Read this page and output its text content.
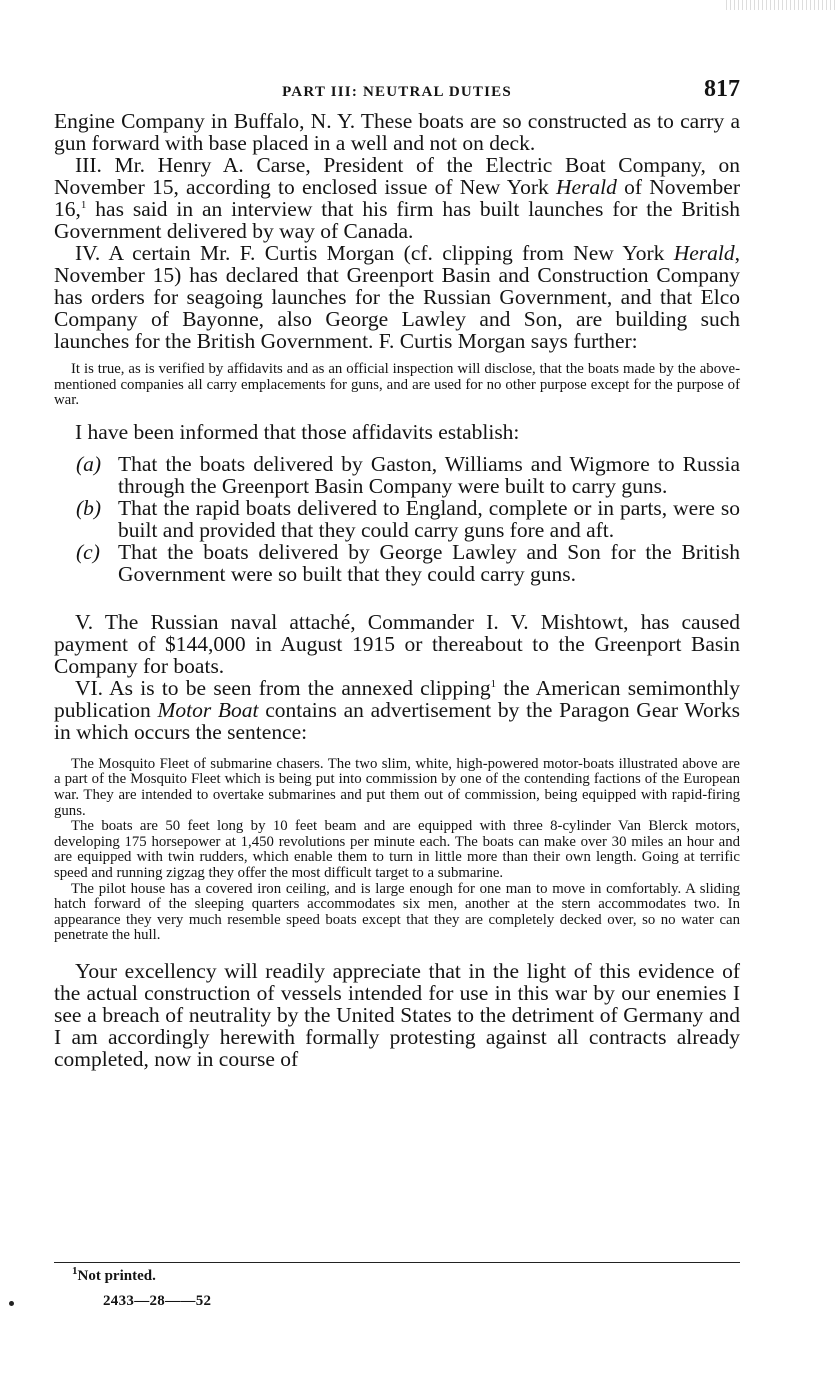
PART III: NEUTRAL DUTIES	817

Engine Company in Buffalo, N. Y. These boats are so constructed as to carry a gun forward with base placed in a well and not on deck.

III. Mr. Henry A. Carse, President of the Electric Boat Company, on November 15, according to enclosed issue of New York Herald of November 16,$^1$ has said in an interview that his firm has built launches for the British Government delivered by way of Canada.

IV. A certain Mr. F. Curtis Morgan (cf. clipping from New York Herald, November 15) has declared that Greenport Basin and Construction Company has orders for seagoing launches for the Russian Government, and that Elco Company of Bayonne, also George Lawley and Son, are building such launches for the British Government. F. Curtis Morgan says further:

It is true, as is verified by affidavits and as an official inspection will disclose, that the boats made by the above-mentioned companies all carry emplacements for guns, and are used for no other purpose except for the purpose of war.

I have been informed that those affidavits establish:

(a) That the boats delivered by Gaston, Williams and Wigmore to Russia through the Greenport Basin Company were built to carry guns.
(b) That the rapid boats delivered to England, complete or in parts, were so built and provided that they could carry guns fore and aft.
(c) That the boats delivered by George Lawley and Son for the British Government were so built that they could carry guns.

V. The Russian naval attaché, Commander I. V. Mishtowt, has caused payment of $144,000 in August 1915 or thereabout to the Greenport Basin Company for boats.

VI. As is to be seen from the annexed clipping$^1$ the American semimonthly publication Motor Boat contains an advertisement by the Paragon Gear Works in which occurs the sentence:

The Mosquito Fleet of submarine chasers. The two slim, white, high-powered motor-boats illustrated above are a part of the Mosquito Fleet which is being put into commission by one of the contending factions of the European war. They are intended to overtake submarines and put them out of commission, being equipped with rapid-firing guns.
The boats are 50 feet long by 10 feet beam and are equipped with three 8-cylinder Van Blerck motors, developing 175 horsepower at 1,450 revolutions per minute each. The boats can make over 30 miles an hour and are equipped with twin rudders, which enable them to turn in little more than their own length. Going at terrific speed and running zigzag they offer the most difficult target to a submarine.
The pilot house has a covered iron ceiling, and is large enough for one man to move in comfortably. A sliding hatch forward of the sleeping quarters accommodates six men, another at the stern accommodates two. In appearance they very much resemble speed boats except that they are completely decked over, so no water can penetrate the hull.

Your excellency will readily appreciate that in the light of this evidence of the actual construction of vessels intended for use in this war by our enemies I see a breach of neutrality by the United States to the detriment of Germany and I am accordingly herewith formally protesting against all contracts already completed, now in course of

$^1$Not printed.
2433—28——52
